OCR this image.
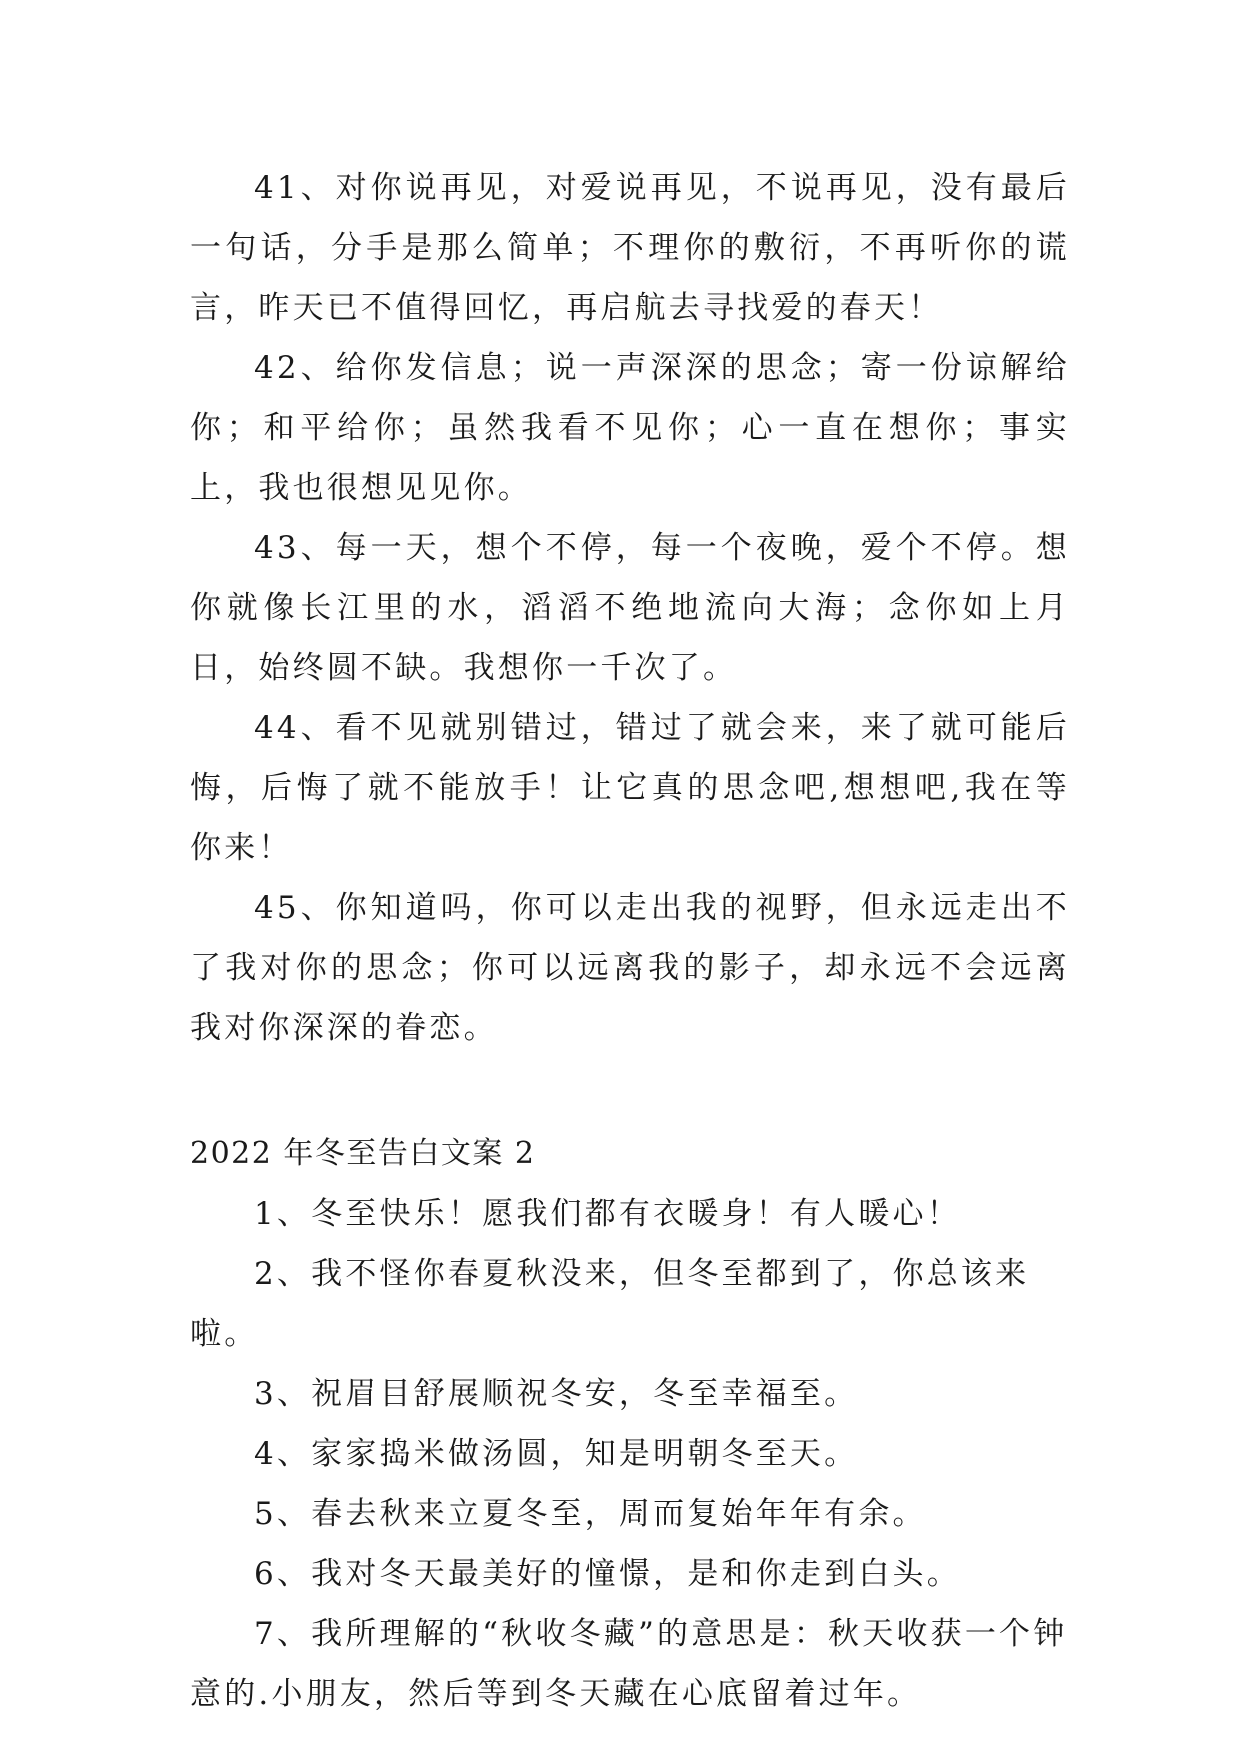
41、对你说再见，对爱说再见，不说再见，没有最后一句话，分手是那么简单；不理你的敷衍，不再听你的谎言，昨天已不值得回忆，再启航去寻找爱的春天！

42、给你发信息；说一声深深的思念；寄一份谅解给你；和平给你；虽然我看不见你；心一直在想你；事实上，我也很想见见你。

43、每一天，想个不停，每一个夜晚，爱个不停。想你就像长江里的水，滔滔不绝地流向大海；念你如上月日，始终圆不缺。我想你一千次了。

44、看不见就别错过，错过了就会来，来了就可能后悔，后悔了就不能放手！让它真的思念吧,想想吧,我在等你来！

45、你知道吗，你可以走出我的视野，但永远走出不了我对你的思念；你可以远离我的影子，却永远不会远离我对你深深的眷恋。

2022 年冬至告白文案 2

1、冬至快乐！愿我们都有衣暖身！有人暖心！

2、我不怪你春夏秋没来，但冬至都到了，你总该来啦。

3、祝眉目舒展顺祝冬安，冬至幸福至。

4、家家捣米做汤圆，知是明朝冬至天。

5、春去秋来立夏冬至，周而复始年年有余。

6、我对冬天最美好的憧憬，是和你走到白头。

7、我所理解的“秋收冬藏”的意思是：秋天收获一个钟意的.小朋友，然后等到冬天藏在心底留着过年。
